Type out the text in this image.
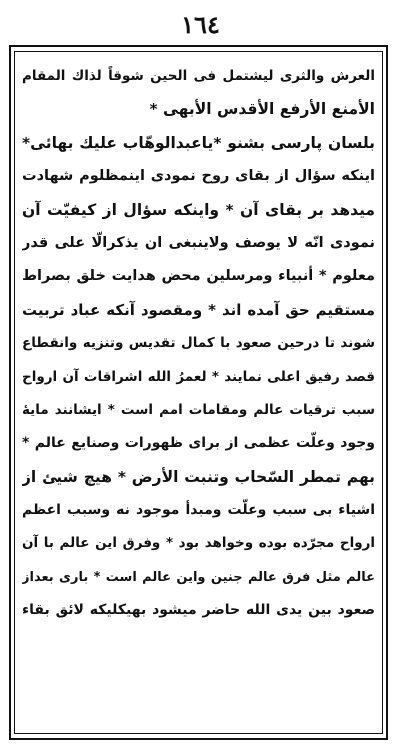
١٦٤
العرش والثری لیشتمل فی الحین شوقاً لذاك المقام
الأمنع الأرفع الأقدس الأبهی *
بلسان پارسی بشنو *یاعبدالوهّاب علیك بهائی*
اینکه سؤال از بقای روح نمودی اینمظلوم شهادت
میدهد بر بقای آن * واینکه سؤال از کیفیّت آن
نمودی انّه لا یوصف ولاینبغی ان یذکرالّا علی قدر
معلوم * أنبیاء ومرسلین محض هدایت خلق بصراط
مستقیم حق آمده اند * ومقصود آنکه عباد تربیت
شوند تا درحین صعود با کمال تقدیس وتنزیه وانقطاع
قصد رفیق اعلی نمایند * لعمرُ الله اشراقات آن ارواح
سبب ترقیات عالم ومقامات امم است * ایشانند مایهٔ
وجود وعلّت عظمی از برای ظهورات وصنایع عالم *
بهم تمطر السّحاب وتنبت الأرض * هیچ شیئ از
اشیاء بی سبب وعلّت ومبدأ موجود نه وسبب اعظم
ارواح مجرّده بوده وخواهد بود * وفرق این عالم با آن
عالم مثل فرق عالم جنین واین عالم است * باری بعداز
صعود بین یدی الله حاضر میشود بهیکلیکه لائق بقاء
